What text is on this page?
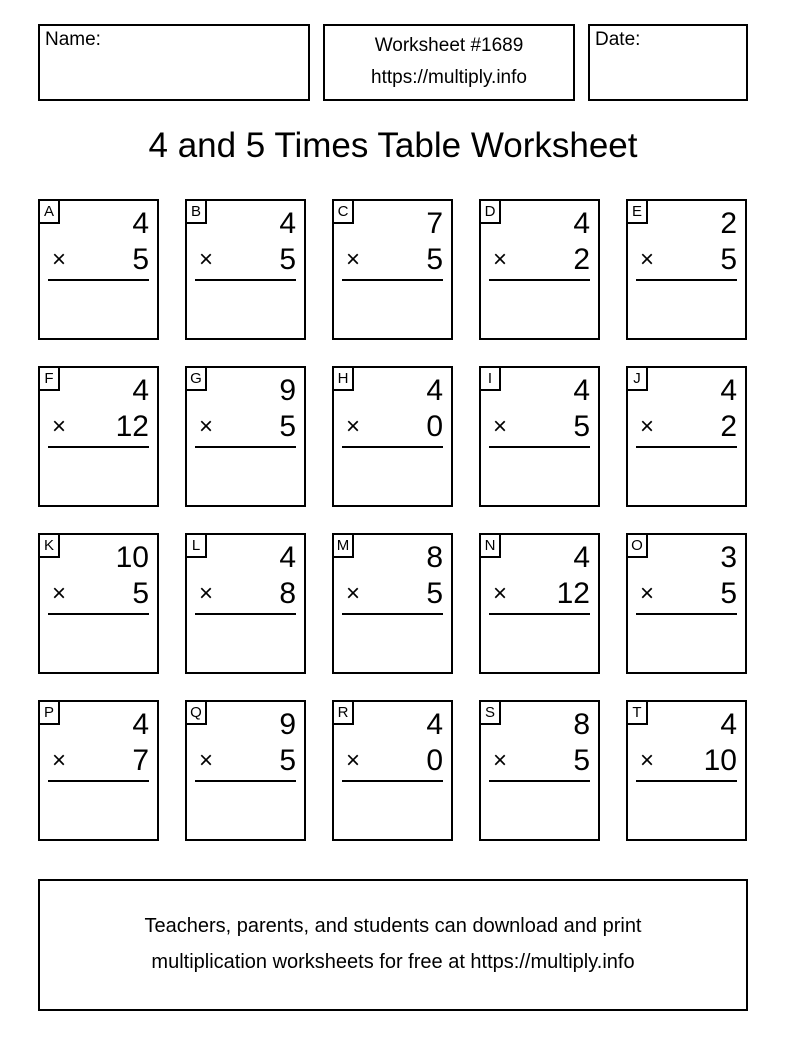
Name:	Worksheet #1689
https://multiply.info
Date:
4 and 5 Times Table Worksheet
A	4
× 5
B	4
× 5
C	7
× 5
D	4
× 2
E	2
× 5
F	4
× 12
G	9
× 5
H	4
× 0
I	4
× 5
J	4
× 2
K 10
× 5
L	4
× 8
M	8
× 5
N	4
× 12
O	3
× 5
P	4
× 7
Q	9
× 5
R	4
× 0
S	8
× 5
T	4
× 10
Teachers, parents, and students can download and print
multiplication worksheets for free at https://multiply.info
